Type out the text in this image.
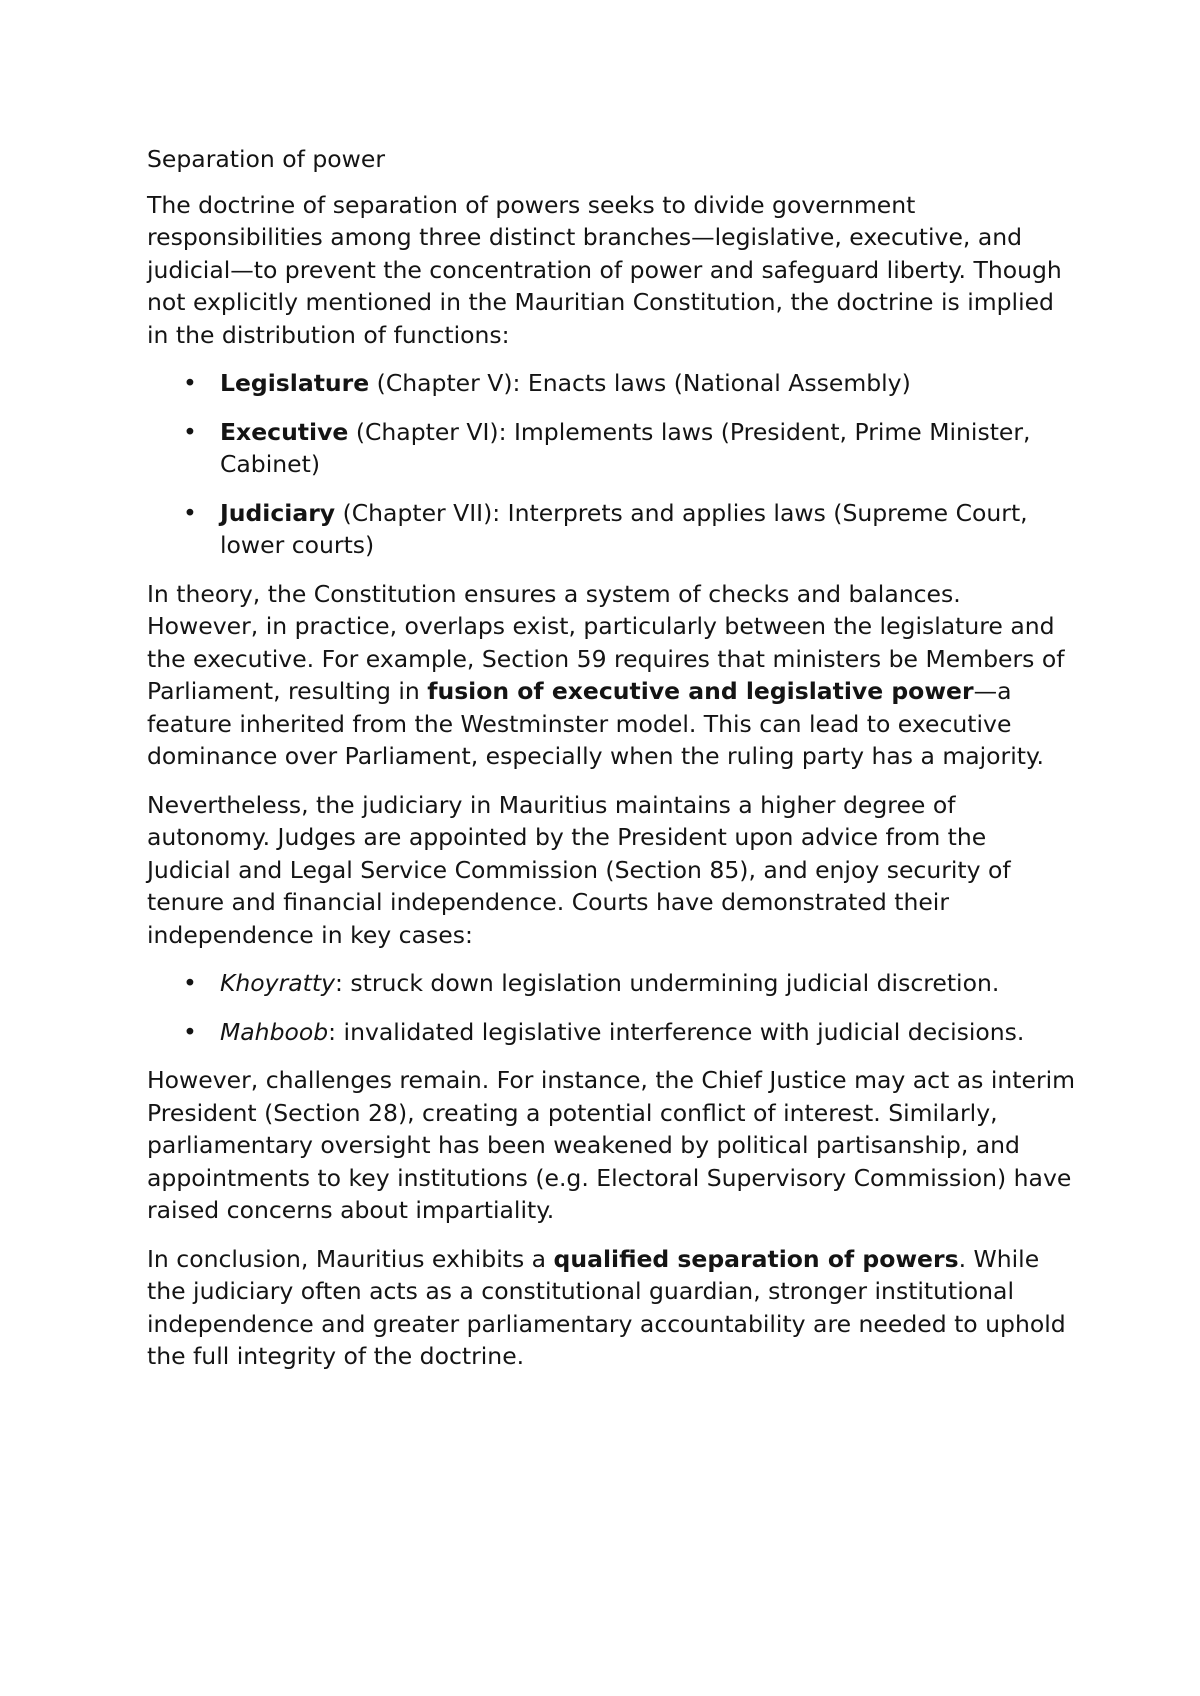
Separation of power

The doctrine of separation of powers seeks to divide government responsibilities among three distinct branches—legislative, executive, and judicial—to prevent the concentration of power and safeguard liberty. Though not explicitly mentioned in the Mauritian Constitution, the doctrine is implied in the distribution of functions:

• Legislature (Chapter V): Enacts laws (National Assembly)
• Executive (Chapter VI): Implements laws (President, Prime Minister, Cabinet)
• Judiciary (Chapter VII): Interprets and applies laws (Supreme Court, lower courts)

In theory, the Constitution ensures a system of checks and balances. However, in practice, overlaps exist, particularly between the legislature and the executive. For example, Section 59 requires that ministers be Members of Parliament, resulting in fusion of executive and legislative power—a feature inherited from the Westminster model. This can lead to executive dominance over Parliament, especially when the ruling party has a majority.

Nevertheless, the judiciary in Mauritius maintains a higher degree of autonomy. Judges are appointed by the President upon advice from the Judicial and Legal Service Commission (Section 85), and enjoy security of tenure and financial independence. Courts have demonstrated their independence in key cases:

• Khoyratty: struck down legislation undermining judicial discretion.
• Mahboob: invalidated legislative interference with judicial decisions.

However, challenges remain. For instance, the Chief Justice may act as interim President (Section 28), creating a potential conflict of interest. Similarly, parliamentary oversight has been weakened by political partisanship, and appointments to key institutions (e.g. Electoral Supervisory Commission) have raised concerns about impartiality.

In conclusion, Mauritius exhibits a qualified separation of powers. While the judiciary often acts as a constitutional guardian, stronger institutional independence and greater parliamentary accountability are needed to uphold the full integrity of the doctrine.
